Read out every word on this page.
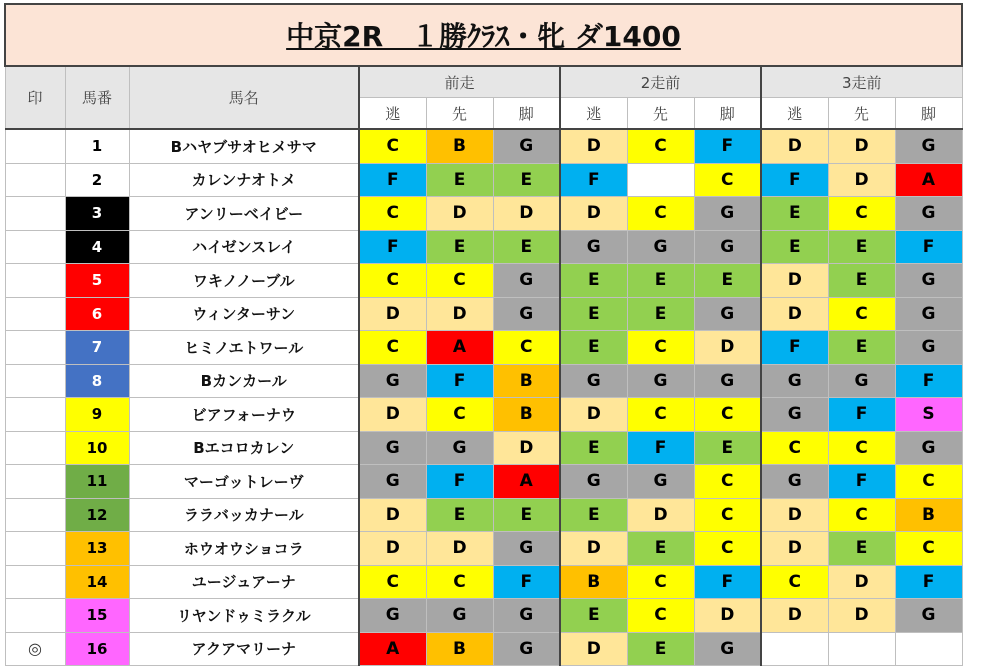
中京2R　１勝ｸﾗｽ・牝 ダ1400											
印	馬番	馬名	前走			2走前			3走前		
			逃	先	脚	逃	先	脚	逃	先	脚
	1	Bハヤブサオヒメサマ	C	B	G	D	C	F	D	D	G
	2	カレンナオトメ	F	E	E	F		C	F	D	A
	3	アンリーベイビー	C	D	D	D	C	G	E	C	G
	4	ハイゼンスレイ	F	E	E	G	G	G	E	E	F
	5	ワキノノーブル	C	C	G	E	E	E	D	E	G
	6	ウィンターサン	D	D	G	E	E	G	D	C	G
	7	ヒミノエトワール	C	A	C	E	C	D	F	E	G
	8	Bカンカール	G	F	B	G	G	G	G	G	F
	9	ビアフォーナウ	D	C	B	D	C	C	G	F	S
	10	Bエコロカレン	G	G	D	E	F	E	C	C	G
	11	マーゴットレーヴ	G	F	A	G	G	C	G	F	C
	12	ララバッカナール	D	E	E	E	D	C	D	C	B
	13	ホウオウショコラ	D	D	G	D	E	C	D	E	C
	14	ユージュアーナ	C	C	F	B	C	F	C	D	F
	15	リヤンドゥミラクル	G	G	G	E	C	D	D	D	G
◎	16	アクアマリーナ	A	B	G	D	E	G			
